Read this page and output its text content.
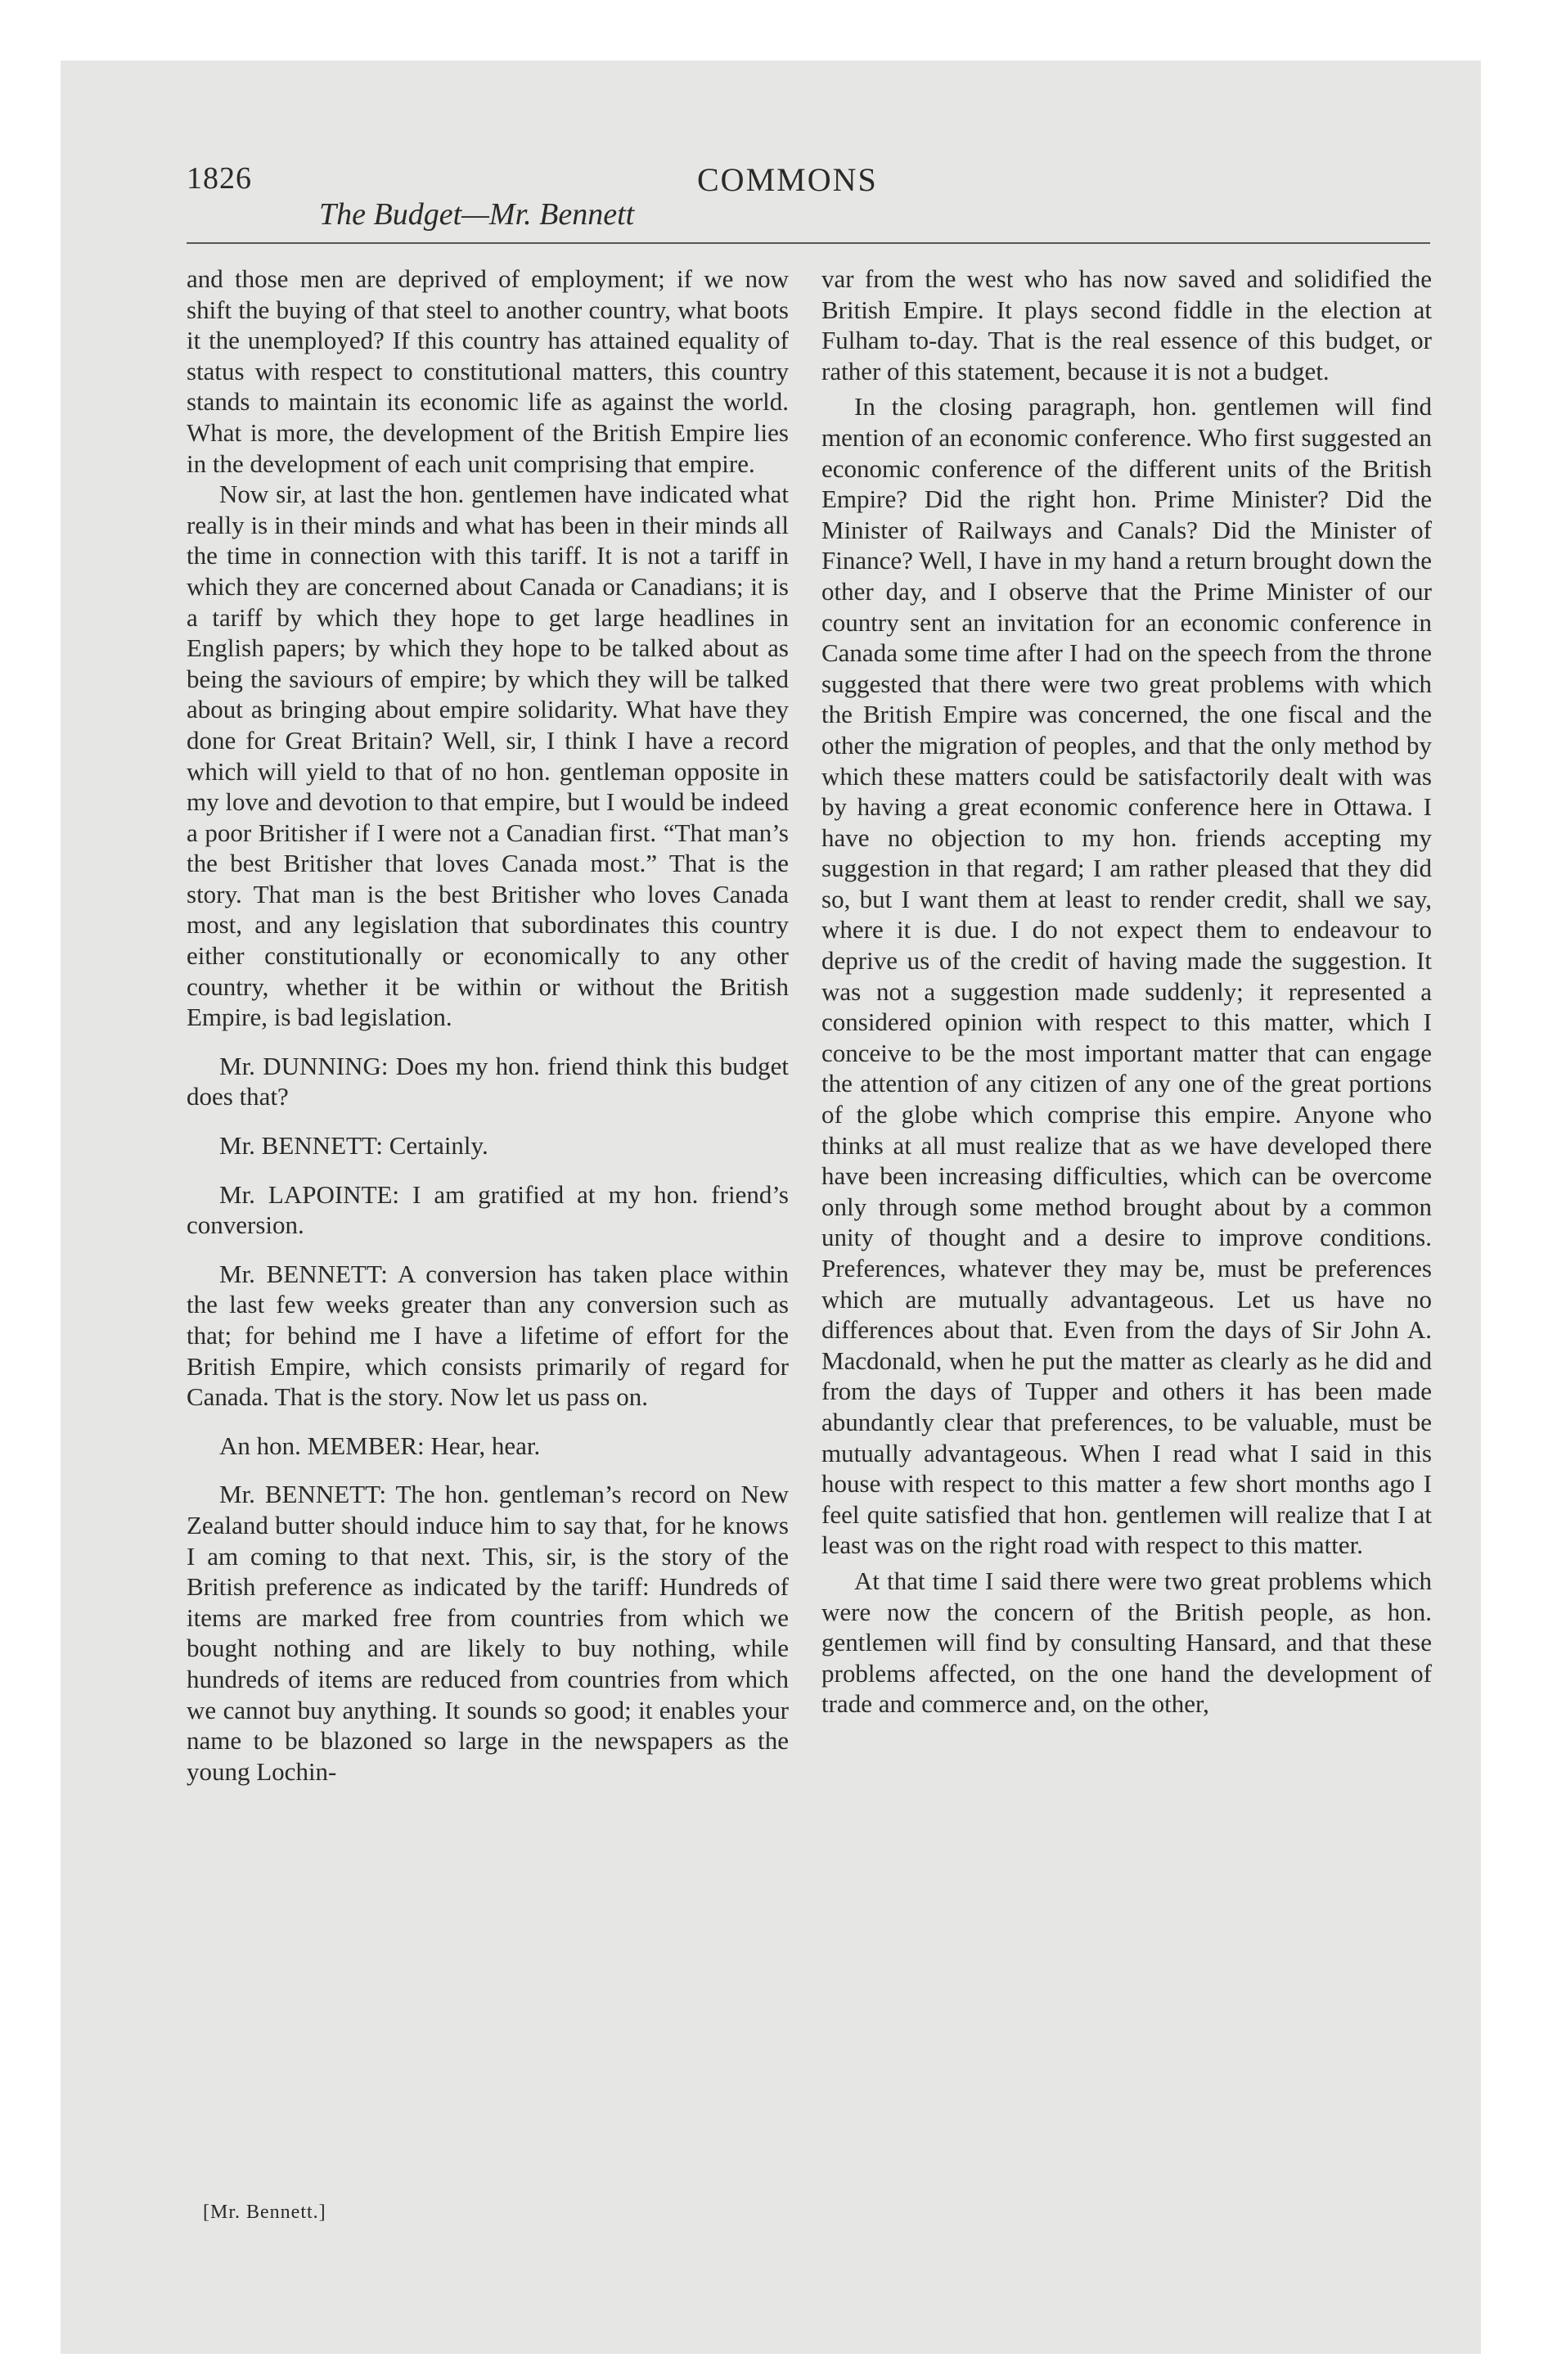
1826	COMMONS
The Budget—Mr. Bennett

and those men are deprived of employment; if we now shift the buying of that steel to another country, what boots it the unemployed? If this country has attained equality of status with respect to constitutional matters, this country stands to maintain its economic life as against the world. What is more, the development of the British Empire lies in the development of each unit comprising that empire.

Now sir, at last the hon. gentlemen have indicated what really is in their minds and what has been in their minds all the time in connection with this tariff. It is not a tariff in which they are concerned about Canada or Canadians; it is a tariff by which they hope to get large headlines in English papers; by which they hope to be talked about as being the saviours of empire; by which they will be talked about as bringing about empire solidarity. What have they done for Great Britain? Well, sir, I think I have a record which will yield to that of no hon. gentleman opposite in my love and devotion to that empire, but I would be indeed a poor Britisher if I were not a Canadian first. “That man’s the best Britisher that loves Canada most.” That is the story. That man is the best Britisher who loves Canada most, and any legislation that subordinates this country either constitutionally or economically to any other country, whether it be within or without the British Empire, is bad legislation.

Mr. DUNNING: Does my hon. friend think this budget does that?

Mr. BENNETT: Certainly.

Mr. LAPOINTE: I am gratified at my hon. friend’s conversion.

Mr. BENNETT: A conversion has taken place within the last few weeks greater than any conversion such as that; for behind me I have a lifetime of effort for the British Empire, which consists primarily of regard for Canada. That is the story. Now let us pass on.

An hon. MEMBER: Hear, hear.

Mr. BENNETT: The hon. gentleman’s record on New Zealand butter should induce him to say that, for he knows I am coming to that next. This, sir, is the story of the British preference as indicated by the tariff: Hundreds of items are marked free from countries from which we bought nothing and are likely to buy nothing, while hundreds of items are reduced from countries from which we cannot buy anything. It sounds so good; it enables your name to be blazoned so large in the newspapers as the young Lochin-

var from the west who has now saved and solidified the British Empire. It plays second fiddle in the election at Fulham to-day. That is the real essence of this budget, or rather of this statement, because it is not a budget.

In the closing paragraph, hon. gentlemen will find mention of an economic conference. Who first suggested an economic conference of the different units of the British Empire? Did the right hon. Prime Minister? Did the Minister of Railways and Canals? Did the Minister of Finance? Well, I have in my hand a return brought down the other day, and I observe that the Prime Minister of our country sent an invitation for an economic conference in Canada some time after I had on the speech from the throne suggested that there were two great problems with which the British Empire was concerned, the one fiscal and the other the migration of peoples, and that the only method by which these matters could be satisfactorily dealt with was by having a great economic conference here in Ottawa. I have no objection to my hon. friends accepting my suggestion in that regard; I am rather pleased that they did so, but I want them at least to render credit, shall we say, where it is due. I do not expect them to endeavour to deprive us of the credit of having made the suggestion. It was not a suggestion made suddenly; it represented a considered opinion with respect to this matter, which I conceive to be the most important matter that can engage the attention of any citizen of any one of the great portions of the globe which comprise this empire. Anyone who thinks at all must realize that as we have developed there have been increasing difficulties, which can be overcome only through some method brought about by a common unity of thought and a desire to improve conditions. Preferences, whatever they may be, must be preferences which are mutually advantageous. Let us have no differences about that. Even from the days of Sir John A. Macdonald, when he put the matter as clearly as he did and from the days of Tupper and others it has been made abundantly clear that preferences, to be valuable, must be mutually advantageous. When I read what I said in this house with respect to this matter a few short months ago I feel quite satisfied that hon. gentlemen will realize that I at least was on the right road with respect to this matter.

At that time I said there were two great problems which were now the concern of the British people, as hon. gentlemen will find by consulting Hansard, and that these problems affected, on the one hand the development of trade and commerce and, on the other,

[Mr. Bennett.]
